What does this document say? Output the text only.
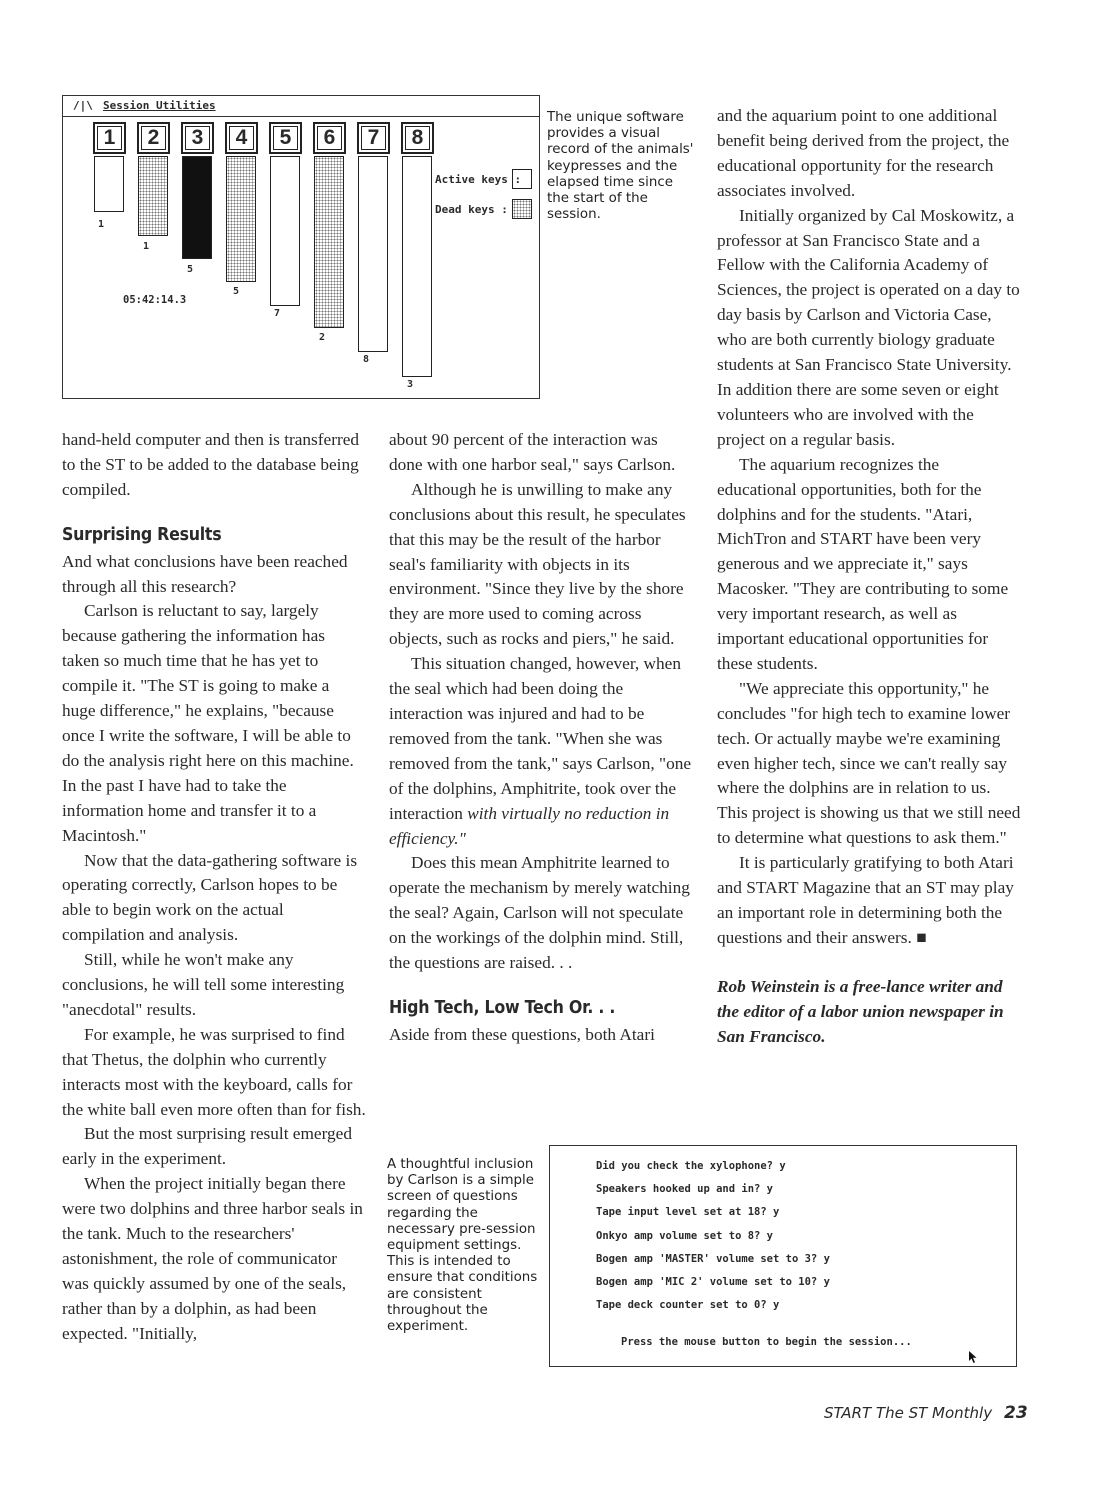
/|\ Session Utilities
1
1
2
1
3
5
4
5
5
7
6
2
7
8
8
3
05:42:14.3
Active keys :
Dead keys :
The unique software provides a visual record of the animals' keypresses and the elapsed time since the start of the session.

hand-held computer and then is transferred to the ST to be added to the database being compiled.

Surprising Results

And what conclusions have been reached through all this research?

Carlson is reluctant to say, largely because gathering the information has taken so much time that he has yet to compile it. "The ST is going to make a huge difference," he explains, "because once I write the software, I will be able to do the analysis right here on this machine. In the past I have had to take the information home and transfer it to a Macintosh."

Now that the data-gathering software is operating correctly, Carlson hopes to be able to begin work on the actual compilation and analysis.

Still, while he won't make any conclusions, he will tell some interesting "anecdotal" results.

For example, he was surprised to find that Thetus, the dolphin who currently interacts most with the keyboard, calls for the white ball even more often than for fish.

But the most surprising result emerged early in the experiment.

When the project initially began there were two dolphins and three harbor seals in the tank. Much to the researchers' astonishment, the role of communicator was quickly assumed by one of the seals, rather than by a dolphin, as had been expected. "Initially,

about 90 percent of the interaction was done with one harbor seal," says Carlson.

Although he is unwilling to make any conclusions about this result, he speculates that this may be the result of the harbor seal's familiarity with objects in its environment. "Since they live by the shore they are more used to coming across objects, such as rocks and piers," he said.

This situation changed, however, when the seal which had been doing the interaction was injured and had to be removed from the tank. "When she was removed from the tank," says Carlson, "one of the dolphins, Amphitrite, took over the interaction with virtually no reduction in efficiency."

Does this mean Amphitrite learned to operate the mechanism by merely watching the seal? Again, Carlson will not speculate on the workings of the dolphin mind. Still, the questions are raised. . .

High Tech, Low Tech Or. . .

Aside from these questions, both Atari

and the aquarium point to one additional benefit being derived from the project, the educational opportunity for the research associates involved.

Initially organized by Cal Moskowitz, a professor at San Francisco State and a Fellow with the California Academy of Sciences, the project is operated on a day to day basis by Carlson and Victoria Case, who are both currently biology graduate students at San Francisco State University. In addition there are some seven or eight volunteers who are involved with the project on a regular basis.

The aquarium recognizes the educational opportunities, both for the dolphins and for the students. "Atari, MichTron and START have been very generous and we appreciate it," says Macosker. "They are contributing to some very important research, as well as important educational opportunities for these students.

"We appreciate this opportunity," he concludes "for high tech to examine lower tech. Or actually maybe we're examining even higher tech, since we can't really say where the dolphins are in relation to us. This project is showing us that we still need to determine what questions to ask them."

It is particularly gratifying to both Atari and START Magazine that an ST may play an important role in determining both the questions and their answers. ■

Rob Weinstein is a free-lance writer and the editor of a labor union newspaper in San Francisco.

A thoughtful inclusion by Carlson is a simple screen of questions regarding the necessary pre-session equipment settings. This is intended to ensure that conditions are consistent throughout the experiment.
Did you check the xylophone? y
Speakers hooked up and in? y
Tape input level set at 18? y
Onkyo amp volume set to 8? y
Bogen amp 'MASTER' volume set to 3? y
Bogen amp 'MIC 2' volume set to 10? y
Tape deck counter set to 0? y
Press the mouse button to begin the session...
START The ST Monthly 23
